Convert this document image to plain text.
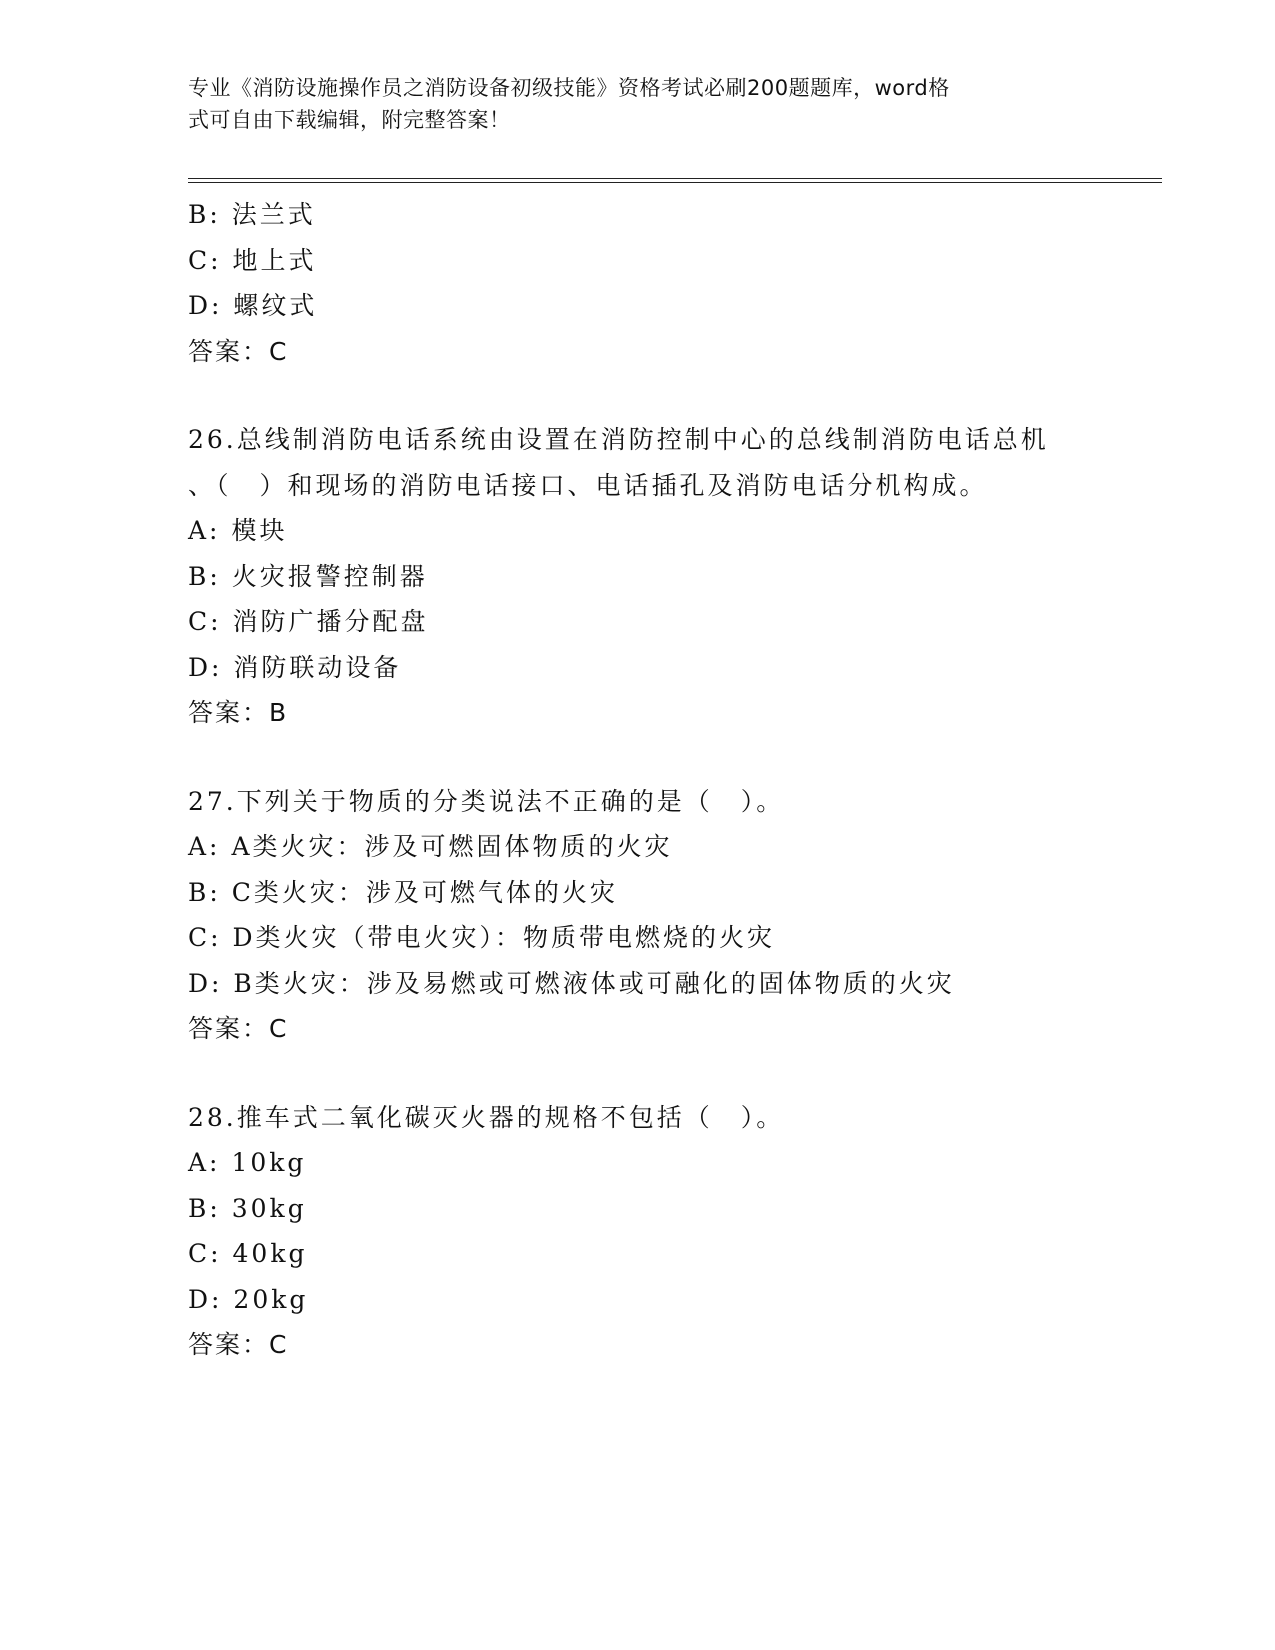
专业《消防设施操作员之消防设备初级技能》资格考试必刷200题题库，word格
式可自由下载编辑，附完整答案！
B: 法兰式
C: 地上式
D: 螺纹式
答案：C
26.总线制消防电话系统由设置在消防控制中心的总线制消防电话总机
、（　）和现场的消防电话接口、电话插孔及消防电话分机构成。
A: 模块
B: 火灾报警控制器
C: 消防广播分配盘
D: 消防联动设备
答案：B
27.下列关于物质的分类说法不正确的是（　）。
A: A类火灾：涉及可燃固体物质的火灾
B: C类火灾：涉及可燃气体的火灾
C: D类火灾（带电火灾）：物质带电燃烧的火灾
D: B类火灾：涉及易燃或可燃液体或可融化的固体物质的火灾
答案：C
28.推车式二氧化碳灭火器的规格不包括（　）。
A: 10kg
B: 30kg
C: 40kg
D: 20kg
答案：C
